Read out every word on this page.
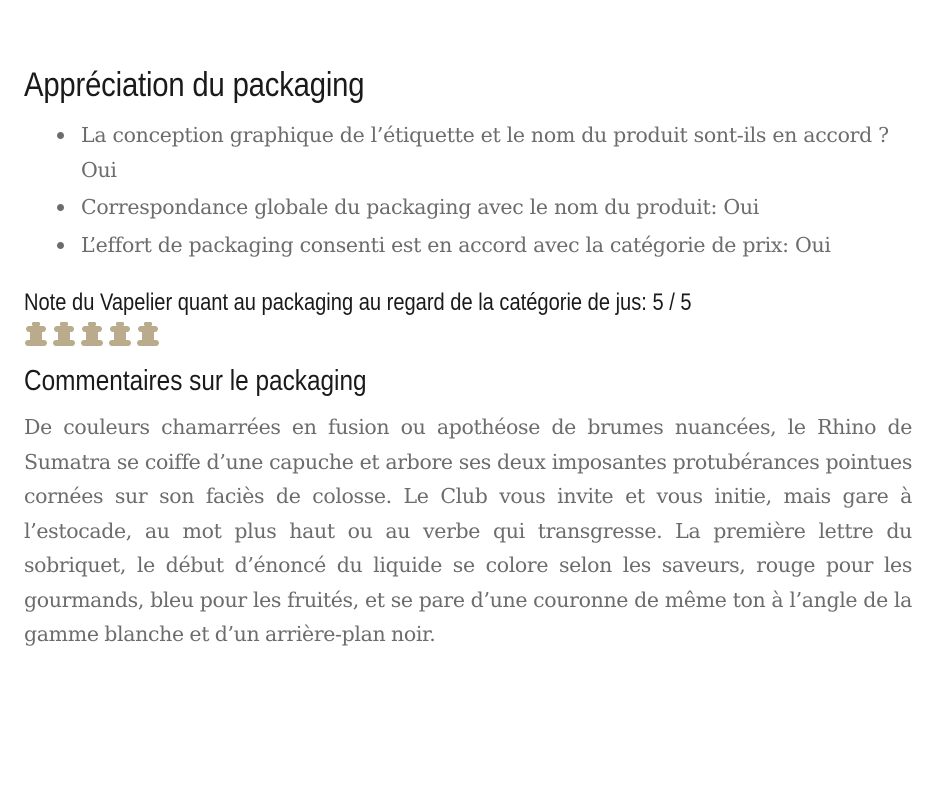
Appréciation du packaging
La conception graphique de l’étiquette et le nom du produit sont-ils en accord ? Oui
Correspondance globale du packaging avec le nom du produit: Oui
L’effort de packaging consenti est en accord avec la catégorie de prix: Oui
Note du Vapelier quant au packaging au regard de la catégorie de jus: 5 / 5
Commentaires sur le packaging

De couleurs chamarrées en fusion ou apothéose de brumes nuancées, le Rhino de Sumatra se coiffe d’une capuche et arbore ses deux imposantes protubérances pointues cornées sur son faciès de colosse. Le Club vous invite et vous initie, mais gare à l’estocade, au mot plus haut ou au verbe qui transgresse. La première lettre du sobriquet, le début d’énoncé du liquide se colore selon les saveurs, rouge pour les gourmands, bleu pour les fruités, et se pare d’une couronne de même ton à l’angle de la gamme blanche et d’un arrière-plan noir.
